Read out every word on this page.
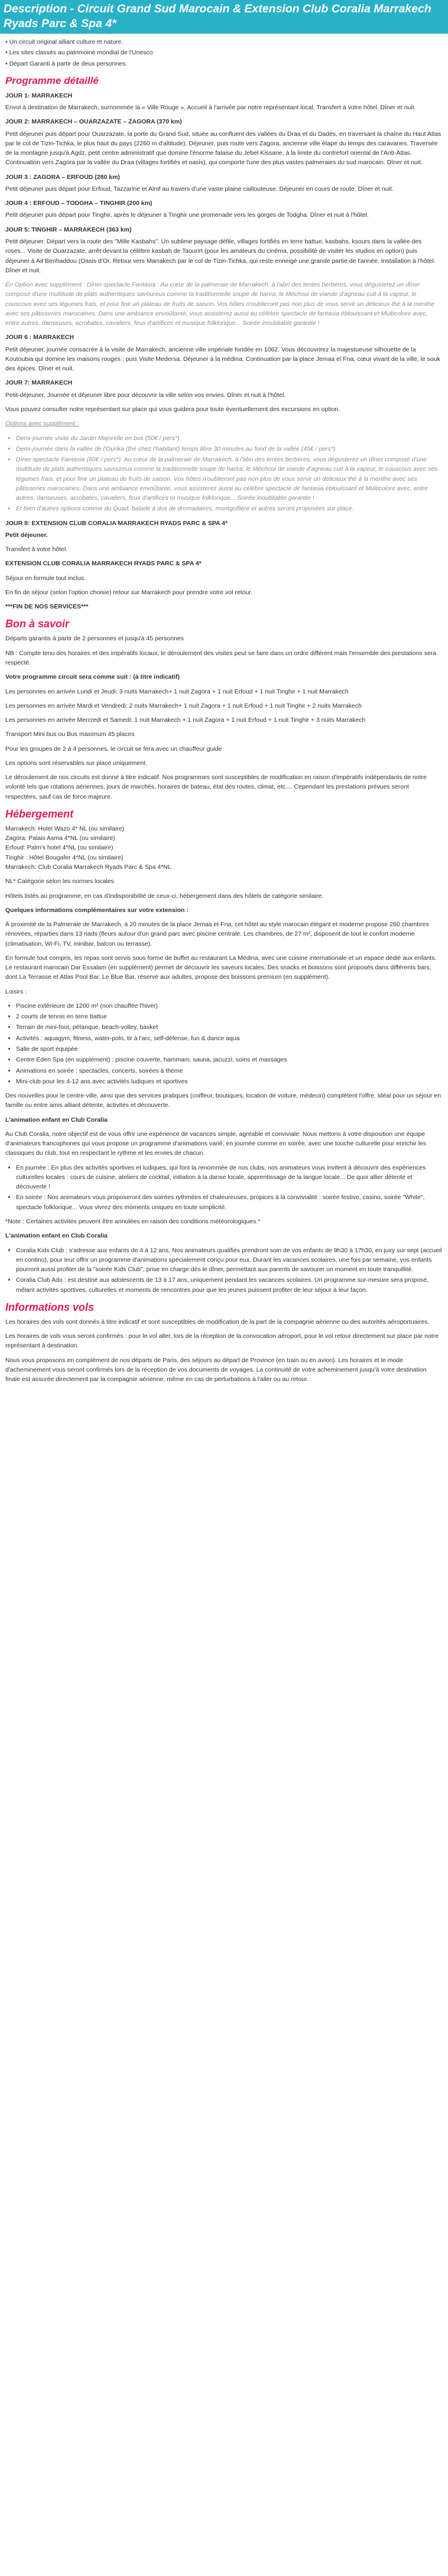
Description - Circuit Grand Sud Marocain & Extension Club Coralia Marrakech Ryads Parc & Spa 4*
• Un circuit original alliant culture et nature.
• Les sites classés au patrimoine mondial de l'Unesco
• Départ Garanti à partir de deux personnes.
Programme détaillé
JOUR 1- MARRAKECH

Envol à destination de Marrakech, surnommée la « Ville Rouge ». Accueil à l'arrivée par notre représentant local. Transfert à votre hôtel. Dîner et nuit.

JOUR 2: MARRAKECH – OUARZAZATE – ZAGORA (370 km)

Petit déjeuner puis départ pour Ouarzazate, la porte du Grand Sud, située au confluent des vallées du Draa et du Dadès, en traversant la chaîne du Haut Atlas par le col de Tizin-Tichka, le plus haut du pays (2260 m d'altitude). Déjeuner, puis route vers Zagora, ancienne ville étape du temps des caravanes. Traversée de la montagne jusqu'à Agdz, petit centre administratif que domine l'énorme falaise du Jebel Kissane, à la limite du contrefort oriental de l'Anti-Atlas. Continuation vers Zagora par la vallée du Draa (villages fortifiés et oasis), qui comporte l'une des plus vastes palmeraies du sud marocain. Dîner et nuit.

JOUR 3 : ZAGORA – ERFOUD (280 km)

Petit déjeuner puis départ pour Erfoud, Tazzarine et Alnif au travers d'une vaste plaine caillouteuse. Déjeuner en cours de route. Dîner et nuit.

JOUR 4 : ERFOUD – TODGHA – TINGHIR (200 km)

Petit déjeuner puis départ pour Tinghir, après le déjeuner à Tinghir une promenade vers les gorges de Todgha. Dîner et nuit à l'hôtel.

JOUR 5: TINGHIR – MARRAKECH (363 km)

Petit déjeuner. Départ vers la route des "Mille Kasbahs". Un sublime paysage défile, villages fortifiés en terre battue, kasbahs, ksours dans la vallée des roses... Visite de Ouarzazate, arrêt devant la célèbre kasbah de Taourirt (pour les amateurs du cinéma, possibilité de visiter les studios en option) puis déjeuner à Ait Benhaddou (Oasis d'Or. Retour vers Marrakech par le col de Tizin-Tichka, qui reste enneigé une grande partie de l'année. Installation à l'hôtel. Dîner et nuit.

En Option avec supplément : Dîner-spectacle Fantasia : Au cœur de la palmeraie de Marrakech, à l'abri des tentes berbères, vous dégusterez un dîner composé d'une multitude de plats authentiques savoureux comme la traditionnelle soupe de harira, le Méchoui de viande d'agneau cuit à la vapeur, le couscous avec ses légumes frais, et pour finir un plateau de fruits de saison. Vos hôtes n'oublieront pas non plus de vous servir un délicieux thé à la menthe avec ses pâtisseries marocaines. Dans une ambiance envoûtante, vous assisterez aussi au célèbre spectacle de fantasia éblouissant et Multicolore avec, entre autres, danseuses, acrobates, cavaliers, feux d'artifices et musique folklorique... Soirée inoubliable garantie !

JOUR 6 : MARRAKECH

Petit déjeuner, journée consacrée à la visite de Marrakech, ancienne ville impériale fondée en 1062. Vous découvrirez la majestueuse silhouette de la Koutoubia qui domine les maisons rouges ; puis Visite Medersa. Déjeuner à la médina. Continuation par la place Jemaa el Fna, cœur vivant de la ville, le souk des épices. Dîner et nuit.

JOUR 7: MARRAKECH

Petit-déjeuner, Journée et déjeuner libre pour découvrir la ville selon vos envies. Dîner et nuit à l'hôtel.

Vous pouvez consulter notre représentant sur place qui vous guidera pour toute éventuellement des excursions en option.

Options avec supplément :

• Demi-journée visite du Jardin Majorelle en bus (50€ / pers*)
• Demi-journée dans la vallée de l'Ourika (thé chez l'habitant) temps libre 30 minutes au fond de la vallée (45€ / pers*)
• Dîner-spectacle Fantasia (60€ / pers*): Au cœur de la palmeraie de Marrakech, à l'abri des tentes berbères, vous dégusterez un dîner composé d'une multitude de plats authentiques savoureux comme la traditionnelle soupe de harira, le Méchoui de viande d'agneau cuit à la vapeur, le couscous avec ses légumes frais, et pour finir un plateau de fruits de saison. Vos hôtes n'oublieront pas non plus de vous servir un délicieux thé à la menthe avec ses pâtisseries marocaines. Dans une ambiance envoûtante, vous assisterez aussi au célèbre spectacle de fantasia éblouissant et Multicolore avec, entre autres, danseuses, acrobates, cavaliers, feux d'artifices et musique folklorique... Soirée inoubliable garantie !
• Et bien d'autres options comme du Quad, balade à dos de dromadaires, montgolfière et autres seront proposées sur place.
JOUR 8: EXTENSION CLUB CORALIA MARRAKECH RYADS PARC & SPA 4*

Petit déjeuner.

Transfert à votre hôtel.

EXTENSION CLUB CORALIA MARRAKECH RYADS PARC & SPA 4*

Séjour en formule tout inclus.

En fin de séjour (selon l'option choisie) retour sur Marrakech pour prendre votre vol retour.

***FIN DE NOS SERVICES***

Bon à savoir

Départs garantis à partir de 2 personnes et jusqu'à 45 personnes

NB : Compte tenu des horaires et des impératifs locaux, le déroulement des visites peut se faire dans un ordre différent mais l'ensemble des prestations sera respecté.

Votre programme circuit sera comme suit : (à titre indicatif)

Les personnes en arrivée Lundi et Jeudi: 3 nuits Marrakech+ 1 nuit Zagora + 1 nuit Erfoud + 1 nuit Tinghir + 1 nuit Marrakech

Les personnes en arrivée Mardi et Vendredi: 2 nuits Marrakech+ 1 nuit Zagora + 1 nuit Erfoud + 1 nuit Tinghir + 2 nuits Marrakech

Les personnes en arrivée Mercredi et Samedi: 1 nuit Marrakech + 1 nuit Zagora + 1 nuit Erfoud + 1 nuit Tinghir + 3 nuits Marrakech

Transport Mini bus ou Bus maximum 45 places

Pour les groupes de 2 à 4 personnes, le circuit se fera avec un chauffeur guide

Les options sont réservables sur place uniquement.

Le déroulement de nos circuits est donné à titre indicatif. Nos programmes sont susceptibles de modification en raison d'impératifs indépendants de notre volonté tels que rotations aériennes, jours de marchés, horaires de bateau, état des routes, climat, etc.... Cependant les prestations prévues seront respectées, sauf cas de force majeure.

Hébergement
Marrakech: Hotel Wazo 4* NL (ou similaire)
Zagora: Palais Asma 4*NL (ou similaire)
Erfoud: Palm's hotel 4*NL (ou similaire)
Tinghir : Hôtel Bougafer 4*NL (ou similaire)
Marrakech: Club Coralia Marrakech Ryads Parc & Spa 4*NL

NL* Catégorie selon les normes locales

Hôtels listés au programme, en cas d'indisponibilité de ceux-ci, hébergement dans des hôtels de catégorie similaire.

Quelques informations complémentaires sur votre extension :

À proximité de la Palmeraie de Marrakech, à 20 minutes de la place Jemaa el-Fna, cet hôtel au style marocain élégant et moderne propose 260 chambres rénovées, réparties dans 13 riads (fleurs autour d'un grand parc avec piscine centrale. Les chambres, de 27 m², disposent de tout le confort moderne (climatisation, Wi-Fi, TV, minibar, balcon ou terrasse).

En formule tout compris, les repas sont servis sous forme de buffet au restaurant La Médina, avec une cuisine internationale et un espace dédié aux enfants. Le restaurant marocain Dar Essalam (en supplément) permet de découvrir les saveurs locales. Des snacks et boissons sont proposés dans différents bars, dont La Terrasse et Atlas Pool Bar. Le Blue Bar, réservé aux adultes, propose des boissons premium (en supplément).

Loisirs :

• Piscine extérieure de 1200 m² (non chauffée l'hiver)
• 2 courts de tennis en terre battue
• Terrain de mini-foot, pétanque, beach-volley, basket
• Activités : aquagym, fitness, water-polo, tir à l'arc, self-défense, fun & dance aqua
• Salle de sport équipée
• Centre Eden Spa (en supplément) : piscine couverte, hammam, sauna, jacuzzi, soins et massages
• Animations en soirée : spectacles, concerts, soirées à thème
• Mini-club pour les 4-12 ans avec activités ludiques et sportives

Des nouvelles pour le centre-ville, ainsi que des services pratiques (coiffeur, boutiques, location de voiture, médecin) complètent l'offre. Idéal pour un séjour en famille ou entre amis alliant détente, activités et découverte.

L'animation enfant en Club Coralia

Au Club Coralia, notre objectif est de vous offrir une expérience de vacances simple, agréable et conviviale. Nous mettons à votre disposition une équipe d'animateurs francophones qui vous propose un programme d'animations varié, en journée comme en soirée, avec une touche culturelle pour enrichir les classiques du club, tout en respectant le rythme et les envies de chacun.

• En journée : En plus des activités sportives et ludiques, qui font la renommée de nos clubs, nos animateurs vous invitent à découvrir des expériences culturelles locales : cours de cuisine, ateliers de cocktail, initiation à la danse locale, apprentissage de la langue locale... De quoi allier détente et découverte !
• En soirée : Nos animateurs vous proposeront des soirées rythmées et chaleureuses, propices à la convivialité : soirée festive, casino, soirée "White", spectacle folklorique... Vous vivrez des moments uniques en toute simplicité.

*Note : Certaines activités peuvent être annulées en raison des conditions météorologiques.*

L'animation enfant en Club Coralia

• Coralia Kids Club : s'adresse aux enfants de 4 à 12 ans. Nos animateurs qualifiés prendront soin de vos enfants de 9h30 à 17h30, en juxy sur sept (accueil en continu), pour leur offrir un programme d'animations spécialement conçu pour eux. Durant les vacances scolaires, une fois par semaine, vos enfants pourront aussi profiter de la "soirée Kids Club", prise en charge dès le dîner, permettant aux parents de savourer un moment en toute tranquillité.
• Coralia Club Ado : est destiné aux adolescents de 13 à 17 ans, uniquement pendant les vacances scolaires. Un programme sur-mesure sera proposé, mêlant activités sportives, culturelles et moments de rencontres pour que les jeunes puissent profiter de leur séjour à leur façon.
Informations vols

Les horaires des vols sont donnés à titre indicatif et sont susceptibles de modification de la part de la compagnie aérienne ou des autorités aéroportuaires.

Les horaires de vols vous seront confirmés : pour le vol aller, lors de la réception de la convocation aéroport, pour le vol retour directement sur place par notre représentant à destination.

Nous vous proposons en complément de nos départs de Paris, des séjours au départ de Province (en train ou en avion). Les horaires et le mode d'acheminement vous seront confirmés lors de la réception de vos documents de voyages. La continuité de votre acheminement jusqu'à votre destination finale est assurée directement par la compagnie aérienne, même en cas de perturbations à l'aller ou au retour.
